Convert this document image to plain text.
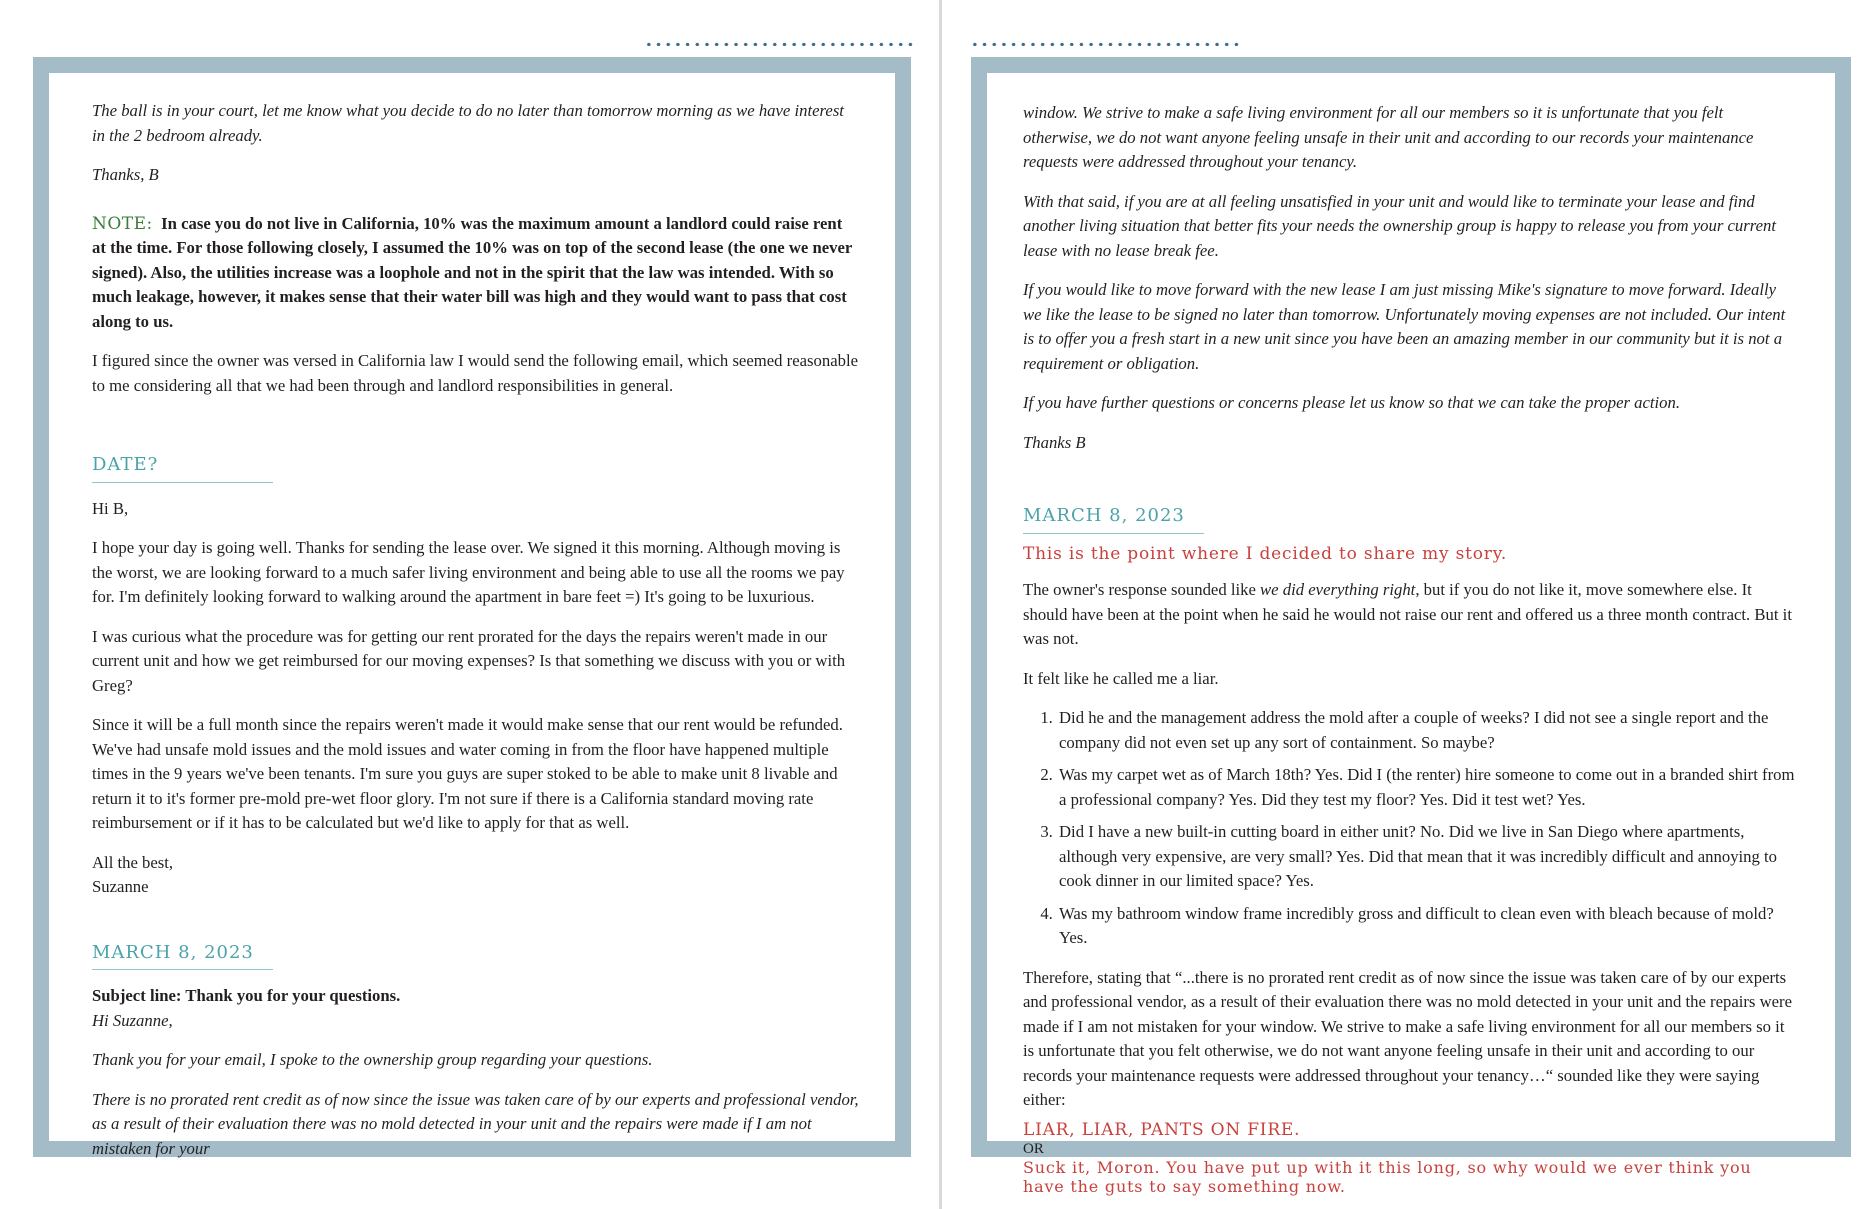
The ball is in your court, let me know what you decide to do no later than tomorrow morning as we have interest in the 2 bedroom already.

Thanks, B

NOTE: In case you do not live in California, 10% was the maximum amount a landlord could raise rent at the time. For those following closely, I assumed the 10% was on top of the second lease (the one we never signed). Also, the utilities increase was a loophole and not in the spirit that the law was intended. With so much leakage, however, it makes sense that their water bill was high and they would want to pass that cost along to us.

I figured since the owner was versed in California law I would send the following email, which seemed reasonable to me considering all that we had been through and landlord responsibilities in general.

DATE?

Hi B,

I hope your day is going well. Thanks for sending the lease over. We signed it this morning. Although moving is the worst, we are looking forward to a much safer living environment and being able to use all the rooms we pay for. I'm definitely looking forward to walking around the apartment in bare feet =) It's going to be luxurious.

I was curious what the procedure was for getting our rent prorated for the days the repairs weren't made in our current unit and how we get reimbursed for our moving expenses? Is that something we discuss with you or with Greg?

Since it will be a full month since the repairs weren't made it would make sense that our rent would be refunded. We've had unsafe mold issues and the mold issues and water coming in from the floor have happened multiple times in the 9 years we've been tenants. I'm sure you guys are super stoked to be able to make unit 8 livable and return it to it's former pre-mold pre-wet floor glory. I'm not sure if there is a California standard moving rate reimbursement or if it has to be calculated but we'd like to apply for that as well.

All the best,
Suzanne

MARCH 8, 2023

Subject line: Thank you for your questions.
Hi Suzanne,

Thank you for your email, I spoke to the ownership group regarding your questions.

There is no prorated rent credit as of now since the issue was taken care of by our experts and professional vendor, as a result of their evaluation there was no mold detected in your unit and the repairs were made if I am not mistaken for your

window. We strive to make a safe living environment for all our members so it is unfortunate that you felt otherwise, we do not want anyone feeling unsafe in their unit and according to our records your maintenance requests were addressed throughout your tenancy.

With that said, if you are at all feeling unsatisfied in your unit and would like to terminate your lease and find another living situation that better fits your needs the ownership group is happy to release you from your current lease with no lease break fee.

If you would like to move forward with the new lease I am just missing Mike's signature to move forward. Ideally we like the lease to be signed no later than tomorrow. Unfortunately moving expenses are not included. Our intent is to offer you a fresh start in a new unit since you have been an amazing member in our community but it is not a requirement or obligation.

If you have further questions or concerns please let us know so that we can take the proper action.

Thanks B

MARCH 8, 2023

This is the point where I decided to share my story.

The owner's response sounded like we did everything right, but if you do not like it, move somewhere else. It should have been at the point when he said he would not raise our rent and offered us a three month contract. But it was not.

It felt like he called me a liar.

1. Did he and the management address the mold after a couple of weeks? I did not see a single report and the company did not even set up any sort of containment. So maybe?
2. Was my carpet wet as of March 18th? Yes. Did I (the renter) hire someone to come out in a branded shirt from a professional company? Yes. Did they test my floor? Yes. Did it test wet? Yes.
3. Did I have a new built-in cutting board in either unit? No. Did we live in San Diego where apartments, although very expensive, are very small? Yes. Did that mean that it was incredibly difficult and annoying to cook dinner in our limited space? Yes.
4. Was my bathroom window frame incredibly gross and difficult to clean even with bleach because of mold? Yes.

Therefore, stating that “...there is no prorated rent credit as of now since the issue was taken care of by our experts and professional vendor, as a result of their evaluation there was no mold detected in your unit and the repairs were made if I am not mistaken for your window. We strive to make a safe living environment for all our members so it is unfortunate that you felt otherwise, we do not want anyone feeling unsafe in their unit and according to our records your maintenance requests were addressed throughout your tenancy…“ sounded like they were saying either:

LIAR, LIAR, PANTS ON FIRE.
OR
Suck it, Moron. You have put up with it this long, so why would we ever think you have the guts to say something now.
